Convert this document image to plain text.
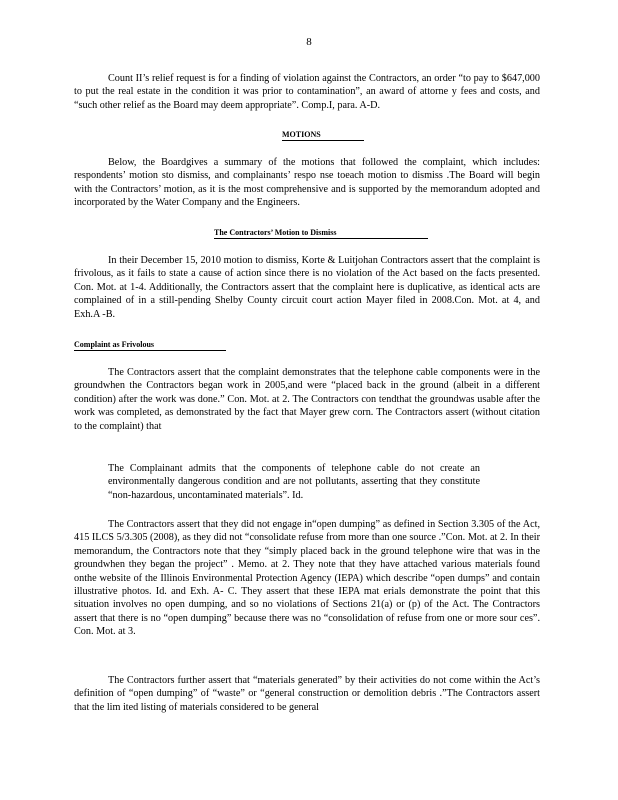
8
Count II’s relief request is for a finding of violation against the Contractors, an order “to pay to $647,000 to put the real estate in the condition it was prior to contamination”, an award of attorne y fees and costs, and “such other relief as the Board may deem appropriate”. Comp.I, para. A-D.
MOTIONS
Below, the Boardgives a summary of the motions that followed the complaint, which includes: respondents’ motion sto dismiss, and complainants’ respo nse toeach motion to dismiss .The Board will begin with the Contractors’ motion, as it is the most comprehensive and is supported by the memorandum adopted and incorporated by the Water Company and the Engineers.
The Contractors’ Motion to Dismiss
In their December 15, 2010 motion to dismiss, Korte & Luitjohan Contractors assert that the complaint is frivolous, as it fails to state a cause of action since there is no violation of the Act based on the facts presented. Con. Mot. at 1-4. Additionally, the Contractors assert that the complaint here is duplicative, as identical acts are complained of in a still-pending Shelby County circuit court action Mayer filed in 2008.Con. Mot. at 4, and Exh.A -B.
Complaint as Frivolous
The Contractors assert that the complaint demonstrates that the telephone cable components were in the groundwhen the Contractors began work in 2005,and were “placed back in the ground (albeit in a different condition) after the work was done.” Con. Mot. at 2. The Contractors con tendthat the groundwas usable after the work was completed, as demonstrated by the fact that Mayer grew corn. The Contractors assert (without citation to the complaint) that
The Complainant admits that the components of telephone cable do not create an environmentally dangerous condition and are not pollutants, asserting that they constitute “non-hazardous, uncontaminated materials”. Id.
The Contractors assert that they did not engage in“open dumping” as defined in Section 3.305 of the Act, 415 ILCS 5/3.305 (2008), as they did not “consolidate refuse from more than one source .”Con. Mot. at 2. In their memorandum, the Contractors note that they “simply placed back in the ground telephone wire that was in the groundwhen they began the project” . Memo. at 2. They note that they have attached various materials found onthe website of the Illinois Environmental Protection Agency (IEPA) which describe “open dumps” and contain illustrative photos. Id. and Exh. A- C. They assert that these IEPA mat erials demonstrate the point that this situation involves no open dumping, and so no violations of Sections 21(a) or (p) of the Act. The Contractors assert that there is no “open dumping” because there was no “consolidation of refuse from one or more sour ces”. Con. Mot. at 3.
The Contractors further assert that “materials generated” by their activities do not come within the Act’s definition of “open dumping” of “waste” or “general construction or demolition debris .”The Contractors assert that the lim ited listing of materials considered to be general
